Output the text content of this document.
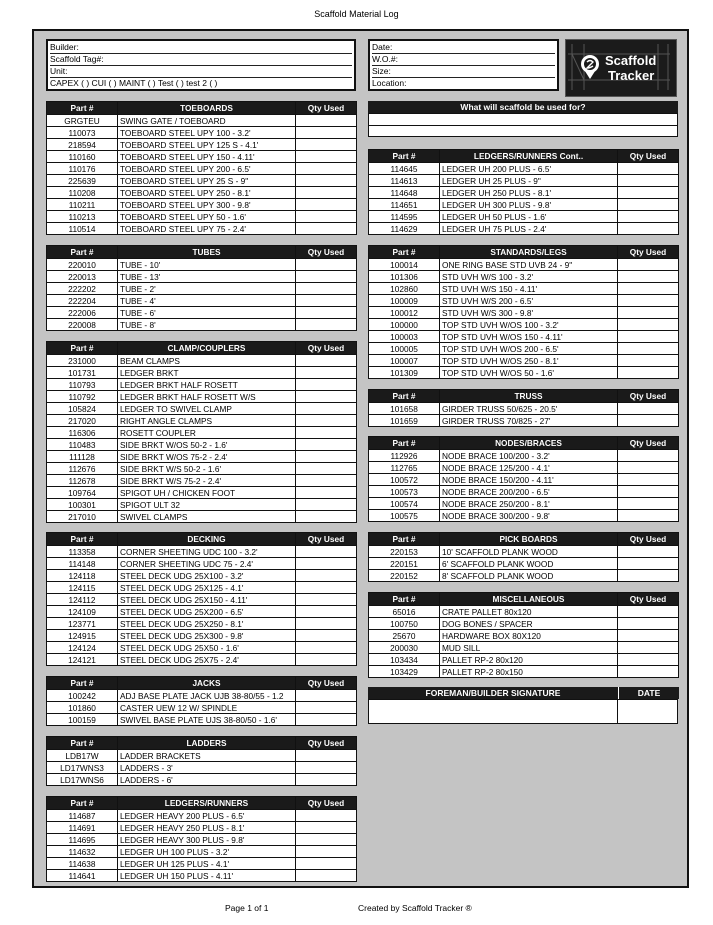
Scaffold Material Log
Builder:
Scaffold Tag#:
Unit:
CAPEX ( ) CUI ( ) MAINT ( ) Test ( ) test 2 ( )
Date:
W.O.#:
Size:
Location:
Scaffold
Tracker
What will scaffold be used for?
FOREMAN/BUILDER SIGNATURE	DATE
Part #	TOEBOARDS	Qty Used
GRGTEU	SWING GATE / TOEBOARD	
110073	TOEBOARD STEEL UPY 100 - 3.2'	
218594	TOEBOARD STEEL UPY 125 S - 4.1'	
110160	TOEBOARD STEEL UPY 150 - 4.11'	
110176	TOEBOARD STEEL UPY 200 - 6.5'	
225639	TOEBOARD STEEL UPY 25 S - 9"	
110208	TOEBOARD STEEL UPY 250 - 8.1'	
110211	TOEBOARD STEEL UPY 300 - 9.8'	
110213	TOEBOARD STEEL UPY 50 - 1.6'	
110514	TOEBOARD STEEL UPY 75 - 2.4'	
Part #	TUBES	Qty Used
220010	TUBE - 10'	
220013	TUBE - 13'	
222202	TUBE - 2'	
222204	TUBE - 4'	
222006	TUBE - 6'	
220008	TUBE - 8'	
Part #	CLAMP/COUPLERS	Qty Used
231000	BEAM CLAMPS	
101731	LEDGER BRKT	
110793	LEDGER BRKT HALF ROSETT	
110792	LEDGER BRKT HALF ROSETT W/S	
105824	LEDGER TO SWIVEL CLAMP	
217020	RIGHT ANGLE CLAMPS	
116306	ROSETT COUPLER	
110483	SIDE BRKT W/OS 50-2 - 1.6'	
111128	SIDE BRKT W/OS 75-2 - 2.4'	
112676	SIDE BRKT W/S 50-2 - 1.6'	
112678	SIDE BRKT W/S 75-2 - 2.4'	
109764	SPIGOT UH / CHICKEN FOOT	
100301	SPIGOT ULT 32	
217010	SWIVEL CLAMPS	
Part #	DECKING	Qty Used
113358	CORNER SHEETING UDC 100 - 3.2'	
114148	CORNER SHEETING UDC 75 - 2.4'	
124118	STEEL DECK UDG 25X100 - 3.2'	
124115	STEEL DECK UDG 25X125 - 4.1'	
124112	STEEL DECK UDG 25X150 - 4.11'	
124109	STEEL DECK UDG 25X200 - 6.5'	
123771	STEEL DECK UDG 25X250 - 8.1'	
124915	STEEL DECK UDG 25X300 - 9.8'	
124124	STEEL DECK UDG 25X50 - 1.6'	
124121	STEEL DECK UDG 25X75 - 2.4'	
Part #	JACKS	Qty Used
100242	ADJ BASE PLATE JACK UJB 38-80/55 - 1.2	
101860	CASTER UEW 12 W/ SPINDLE	
100159	SWIVEL BASE PLATE UJS 38-80/50 - 1.6'	
Part #	LADDERS	Qty Used
LDB17W	LADDER BRACKETS	
LD17WNS3	LADDERS - 3'	
LD17WNS6	LADDERS - 6'	
Part #	LEDGERS/RUNNERS	Qty Used
114687	LEDGER HEAVY 200 PLUS - 6.5'	
114691	LEDGER HEAVY 250 PLUS - 8.1'	
114695	LEDGER HEAVY 300 PLUS - 9.8'	
114632	LEDGER UH 100 PLUS - 3.2'	
114638	LEDGER UH 125 PLUS - 4.1'	
114641	LEDGER UH 150 PLUS - 4.11'	
Part #	LEDGERS/RUNNERS Cont..	Qty Used
114645	LEDGER UH 200 PLUS - 6.5'	
114613	LEDGER UH 25 PLUS - 9"	
114648	LEDGER UH 250 PLUS - 8.1'	
114651	LEDGER UH 300 PLUS - 9.8'	
114595	LEDGER UH 50 PLUS - 1.6'	
114629	LEDGER UH 75 PLUS - 2.4'	
Part #	STANDARDS/LEGS	Qty Used
100014	ONE RING BASE STD UVB 24 - 9"	
101306	STD UVH W/S 100 - 3.2'	
102860	STD UVH W/S 150 - 4.11'	
100009	STD UVH W/S 200 - 6.5'	
100012	STD UVH W/S 300 - 9.8'	
100000	TOP STD UVH W/OS 100 - 3.2'	
100003	TOP STD UVH W/OS 150 - 4.11'	
100005	TOP STD UVH W/OS 200 - 6.5'	
100007	TOP STD UVH W/OS 250 - 8.1'	
101309	TOP STD UVH W/OS 50 - 1.6'	
Part #	TRUSS	Qty Used
101658	GIRDER TRUSS 50/625 - 20.5'	
101659	GIRDER TRUSS 70/825 - 27'	
Part #	NODES/BRACES	Qty Used
112926	NODE BRACE 100/200 - 3.2'	
112765	NODE BRACE 125/200 - 4.1'	
100572	NODE BRACE 150/200 - 4.11'	
100573	NODE BRACE 200/200 - 6.5'	
100574	NODE BRACE 250/200 - 8.1'	
100575	NODE BRACE 300/200 - 9.8'	
Part #	PICK BOARDS	Qty Used
220153	10' SCAFFOLD PLANK WOOD	
220151	6' SCAFFOLD PLANK WOOD	
220152	8' SCAFFOLD PLANK WOOD	
Part #	MISCELLANEOUS	Qty Used
65016	CRATE PALLET 80x120	
100750	DOG BONES / SPACER	
25670	HARDWARE BOX 80X120	
200030	MUD SILL	
103434	PALLET RP-2 80x120	
103429	PALLET RP-2 80x150	
Page 1 of 1	Created by Scaffold Tracker ®
